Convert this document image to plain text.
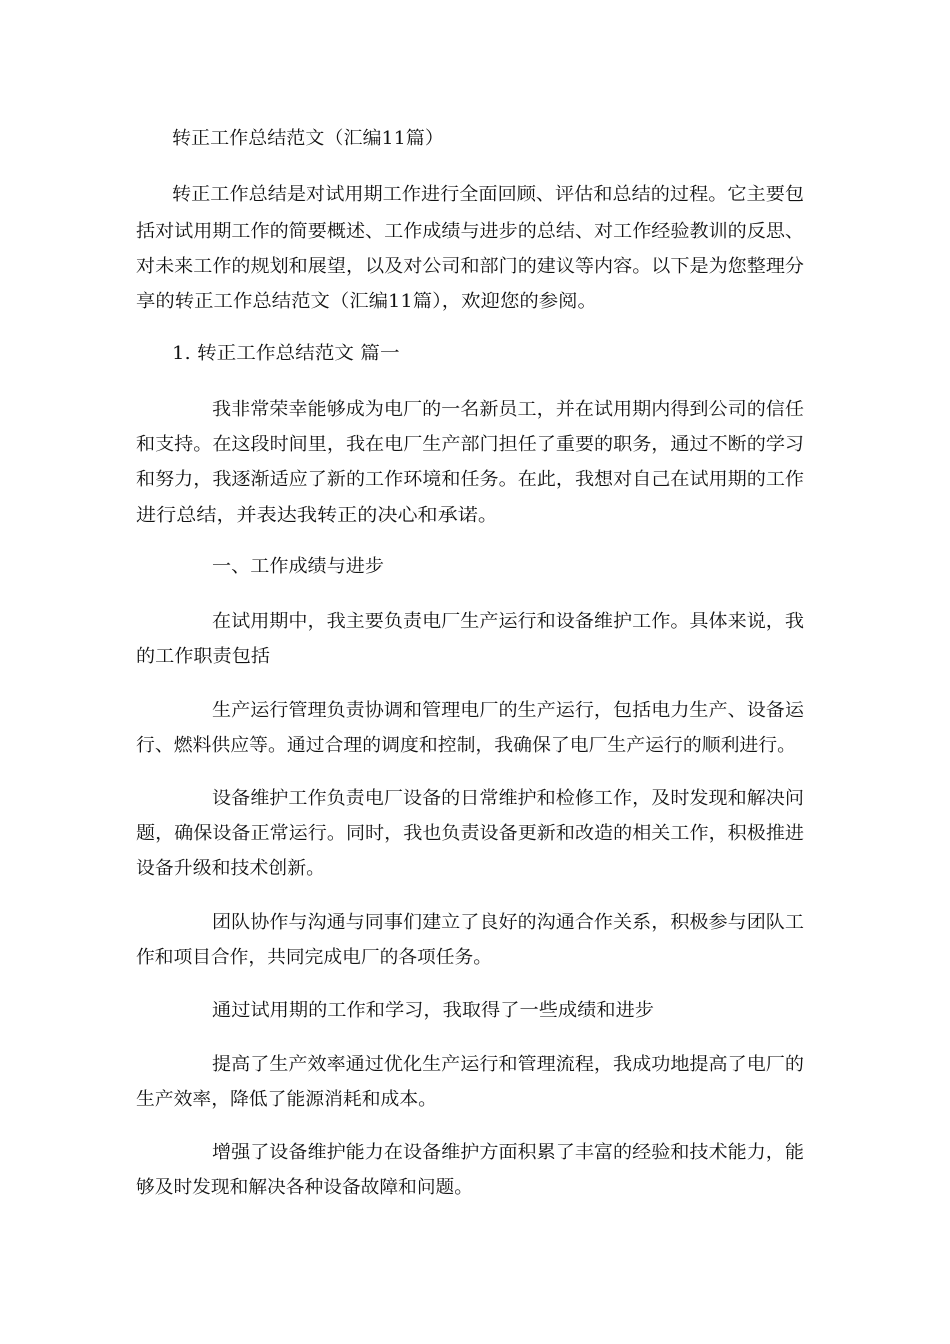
转正工作总结范文（汇编11篇）

转正工作总结是对试用期工作进行全面回顾、评估和总结的过程。它主要包

括对试用期工作的简要概述、工作成绩与进步的总结、对工作经验教训的反思、

对未来工作的规划和展望，以及对公司和部门的建议等内容。以下是为您整理分

享的转正工作总结范文（汇编11篇），欢迎您的参阅。

1. 转正工作总结范文 篇一

我非常荣幸能够成为电厂的一名新员工，并在试用期内得到公司的信任

和支持。在这段时间里，我在电厂生产部门担任了重要的职务，通过不断的学习

和努力，我逐渐适应了新的工作环境和任务。在此，我想对自己在试用期的工作

进行总结，并表达我转正的决心和承诺。

一、工作成绩与进步

在试用期中，我主要负责电厂生产运行和设备维护工作。具体来说，我

的工作职责包括

生产运行管理负责协调和管理电厂的生产运行，包括电力生产、设备运

行、燃料供应等。通过合理的调度和控制，我确保了电厂生产运行的顺利进行。

设备维护工作负责电厂设备的日常维护和检修工作，及时发现和解决问

题，确保设备正常运行。同时，我也负责设备更新和改造的相关工作，积极推进

设备升级和技术创新。

团队协作与沟通与同事们建立了良好的沟通合作关系，积极参与团队工

作和项目合作，共同完成电厂的各项任务。

通过试用期的工作和学习，我取得了一些成绩和进步

提高了生产效率通过优化生产运行和管理流程，我成功地提高了电厂的

生产效率，降低了能源消耗和成本。

增强了设备维护能力在设备维护方面积累了丰富的经验和技术能力，能

够及时发现和解决各种设备故障和问题。
